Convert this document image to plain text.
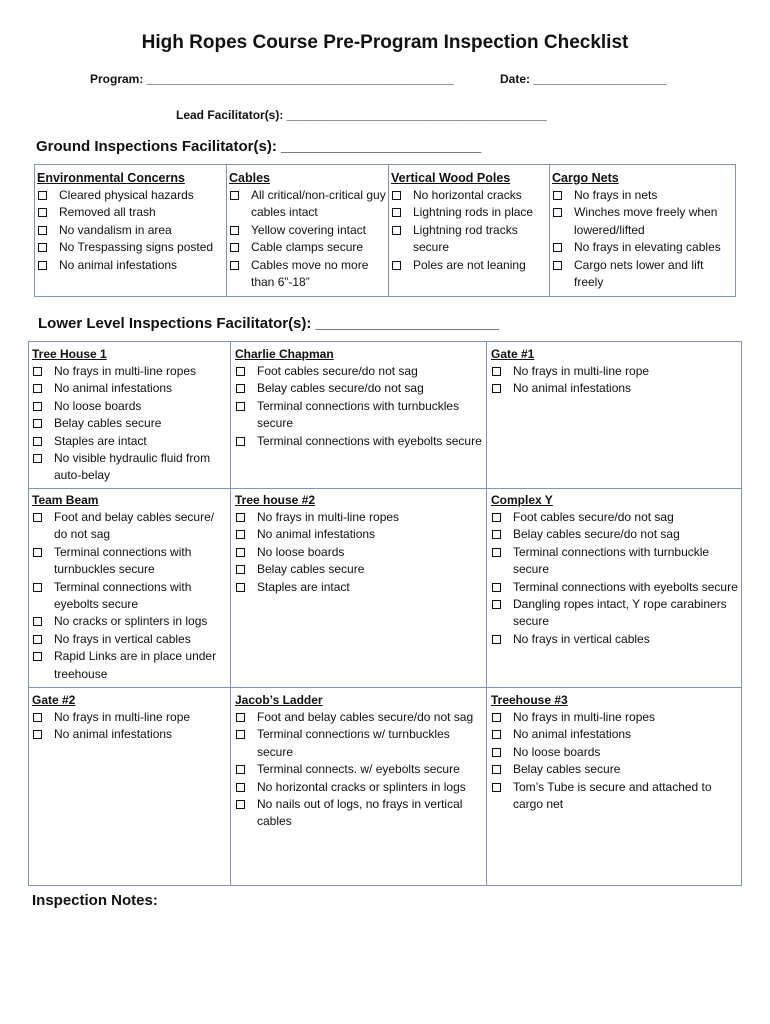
High Ropes Course Pre-Program Inspection Checklist
Program: ______________________________________________	Date: ____________________
Lead Facilitator(s): _______________________________________
Ground Inspections Facilitator(s): ________________________
Environmental Concerns
Cleared physical hazards
Removed all trash
No vandalism in area
No Trespassing signs posted
No animal infestations
Cables
All critical/non-critical guy cables intact
Yellow covering intact
Cable clamps secure
Cables move no more than 6”-18”
Vertical Wood Poles
No horizontal cracks
Lightning rods in place
Lightning rod tracks secure
Poles are not leaning
Cargo Nets
No frays in nets
Winches move freely when lowered/lifted
No frays in elevating cables
Cargo nets lower and lift freely
Lower Level Inspections Facilitator(s): ______________________
Tree House 1
No frays in multi-line ropes
No animal infestations
No loose boards
Belay cables secure
Staples are intact
No visible hydraulic fluid from auto-belay
Charlie Chapman
Foot cables secure/do not sag
Belay cables secure/do not sag
Terminal connections with turnbuckles secure
Terminal connections with eyebolts secure
Gate #1
No frays in multi-line rope
No animal infestations
Team Beam
Foot and belay cables secure/ do not sag
Terminal connections with turnbuckles secure
Terminal connections with eyebolts secure
No cracks or splinters in logs
No frays in vertical cables
Rapid Links are in place under treehouse
Tree house #2
No frays in multi-line ropes
No animal infestations
No loose boards
Belay cables secure
Staples are intact
Complex Y
Foot cables secure/do not sag
Belay cables secure/do not sag
Terminal connections with turnbuckle secure
Terminal connections with eyebolts secure
Dangling ropes intact, Y rope carabiners secure
No frays in vertical cables
Gate #2
No frays in multi-line rope
No animal infestations
Jacob’s Ladder
Foot and belay cables secure/do not sag
Terminal connections w/ turnbuckles secure
Terminal connects. w/ eyebolts secure
No horizontal cracks or splinters in logs
No nails out of logs, no frays in vertical cables
Treehouse #3
No frays in multi-line ropes
No animal infestations
No loose boards
Belay cables secure
Tom’s Tube is secure and attached to cargo net
Inspection Notes:
